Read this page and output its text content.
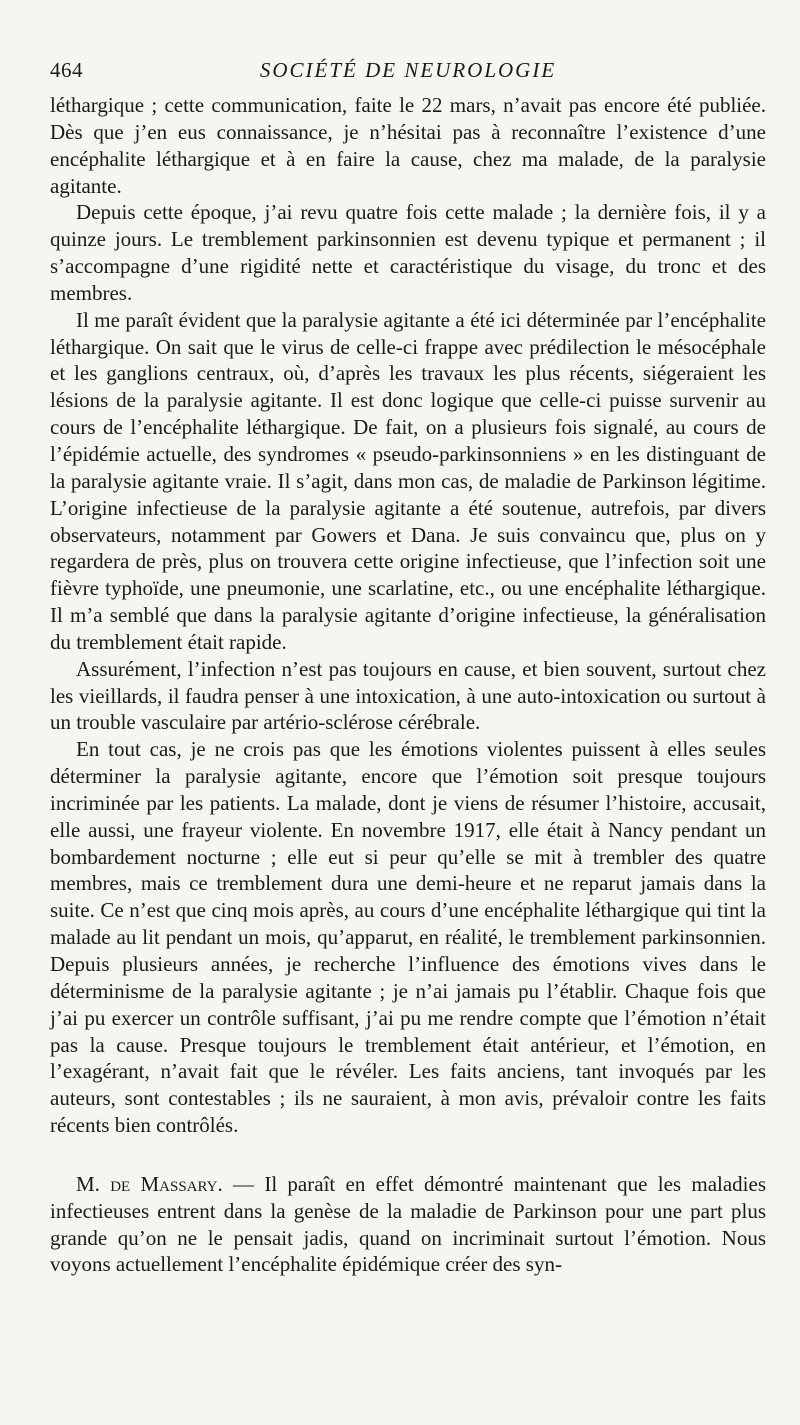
464	SOCIÉTÉ DE NEUROLOGIE

léthargique ; cette communication, faite le 22 mars, n’avait pas encore été publiée. Dès que j’en eus connaissance, je n’hésitai pas à reconnaître l’existence d’une encéphalite léthargique et à en faire la cause, chez ma malade, de la paralysie agitante.

Depuis cette époque, j’ai revu quatre fois cette malade ; la dernière fois, il y a quinze jours. Le tremblement parkinsonnien est devenu typique et permanent ; il s’accompagne d’une rigidité nette et caractéristique du visage, du tronc et des membres.

Il me paraît évident que la paralysie agitante a été ici déterminée par l’encéphalite léthargique. On sait que le virus de celle-ci frappe avec prédilection le mésocéphale et les ganglions centraux, où, d’après les travaux les plus récents, siégeraient les lésions de la paralysie agitante. Il est donc logique que celle-ci puisse survenir au cours de l’encéphalite léthargique. De fait, on a plusieurs fois signalé, au cours de l’épidémie actuelle, des syndromes « pseudo-parkinsonniens » en les distinguant de la paralysie agitante vraie. Il s’agit, dans mon cas, de maladie de Parkinson légitime. L’origine infectieuse de la paralysie agitante a été soutenue, autrefois, par divers observateurs, notamment par Gowers et Dana. Je suis convaincu que, plus on y regardera de près, plus on trouvera cette origine infectieuse, que l’infection soit une fièvre typhoïde, une pneumonie, une scarlatine, etc., ou une encéphalite léthargique. Il m’a semblé que dans la paralysie agitante d’origine infectieuse, la généralisation du tremblement était rapide.

Assurément, l’infection n’est pas toujours en cause, et bien souvent, surtout chez les vieillards, il faudra penser à une intoxication, à une auto-intoxication ou surtout à un trouble vasculaire par artério-sclérose cérébrale.

En tout cas, je ne crois pas que les émotions violentes puissent à elles seules déterminer la paralysie agitante, encore que l’émotion soit presque toujours incriminée par les patients. La malade, dont je viens de résumer l’histoire, accusait, elle aussi, une frayeur violente. En novembre 1917, elle était à Nancy pendant un bombardement nocturne ; elle eut si peur qu’elle se mit à trembler des quatre membres, mais ce tremblement dura une demi-heure et ne reparut jamais dans la suite. Ce n’est que cinq mois après, au cours d’une encéphalite léthargique qui tint la malade au lit pendant un mois, qu’apparut, en réalité, le tremblement parkinsonnien. Depuis plusieurs années, je recherche l’influence des émotions vives dans le déterminisme de la paralysie agitante ; je n’ai jamais pu l’établir. Chaque fois que j’ai pu exercer un contrôle suffisant, j’ai pu me rendre compte que l’émotion n’était pas la cause. Presque toujours le tremblement était antérieur, et l’émotion, en l’exagérant, n’avait fait que le révéler. Les faits anciens, tant invoqués par les auteurs, sont contestables ; ils ne sauraient, à mon avis, prévaloir contre les faits récents bien contrôlés.

M. de Massary. — Il paraît en effet démontré maintenant que les maladies infectieuses entrent dans la genèse de la maladie de Parkinson pour une part plus grande qu’on ne le pensait jadis, quand on incriminait surtout l’émotion. Nous voyons actuellement l’encéphalite épidémique créer des syn-
